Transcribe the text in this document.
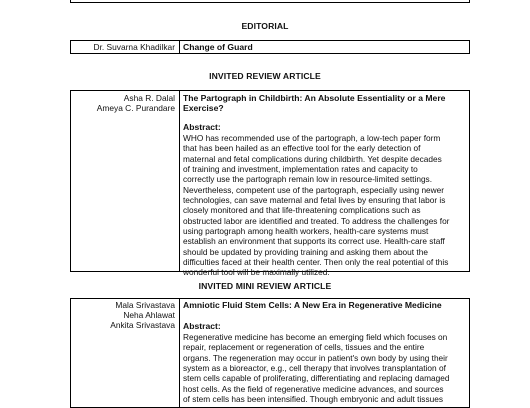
EDITORIAL
Dr. Suvarna Khadilkar Change of Guard
INVITED REVIEW ARTICLE
Asha R. Dalal
Ameya C. Purandare
The Partograph in Childbirth: An Absolute Essentiality or a Mere
Exercise?
Abstract:
WHO has recommended use of the partograph, a low-tech paper form
that has been hailed as an effective tool for the early detection of
maternal and fetal complications during childbirth. Yet despite decades
of training and investment, implementation rates and capacity to
correctly use the partograph remain low in resource-limited settings.
Nevertheless, competent use of the partograph, especially using newer
technologies, can save maternal and fetal lives by ensuring that labor is
closely monitored and that life-threatening complications such as
obstructed labor are identified and treated. To address the challenges for
using partograph among health workers, health-care systems must
establish an environment that supports its correct use. Health-care staff
should be updated by providing training and asking them about the
difficulties faced at their health center. Then only the real potential of this
wonderful tool will be maximally utilized.
INVITED MINI REVIEW ARTICLE
Mala Srivastava
Neha Ahlawat
Ankita Srivastava
Amniotic Fluid Stem Cells: A New Era in Regenerative Medicine
Abstract:
Regenerative medicine has become an emerging field which focuses on
repair, replacement or regeneration of cells, tissues and the entire
organs. The regeneration may occur in patient's own body by using their
system as a bioreactor, e.g., cell therapy that involves transplantation of
stem cells capable of proliferating, differentiating and replacing damaged
host cells. As the field of regenerative medicine advances, and sources
of stem cells has been intensified. Though embryonic and adult tissues
